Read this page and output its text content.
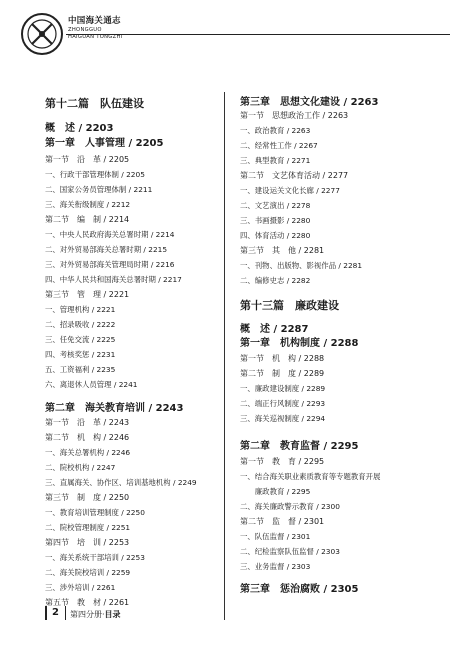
中国海关通志
ZHONGGUO
HAIGUAN TONGZHI
第十二篇　队伍建设
概　述 / 2203
第一章　人事管理 / 2205
第一节　沿　革 / 2205
一、行政干部管理体制 / 2205
二、国家公务员管理体制 / 2211
三、海关衔级制度 / 2212
第二节　编　制 / 2214
一、中央人民政府海关总署时期 / 2214
二、对外贸易部海关总署时期 / 2215
三、对外贸易部海关管理局时期 / 2216
四、中华人民共和国海关总署时期 / 2217
第三节　管　理 / 2221
一、管理机构 / 2221
二、招录吸收 / 2222
三、任免交流 / 2225
四、考核奖惩 / 2231
五、工资福利 / 2235
六、离退休人员管理 / 2241
第二章　海关教育培训 / 2243
第一节　沿　革 / 2243
第二节　机　构 / 2246
一、海关总署机构 / 2246
二、院校机构 / 2247
三、直属海关、协作区、培训基地机构 / 2249
第三节　制　度 / 2250
一、教育培训管理制度 / 2250
二、院校管理制度 / 2251
第四节　培　训 / 2253
一、海关系统干部培训 / 2253
二、海关院校培训 / 2259
三、涉外培训 / 2261
第五节　教　材 / 2261
第三章　思想文化建设 / 2263
第一节　思想政治工作 / 2263
一、政治教育 / 2263
二、经常性工作 / 2267
三、典型教育 / 2271
第二节　文艺体育活动 / 2277
一、建设运关文化长廊 / 2277
二、文艺演出 / 2278
三、书画摄影 / 2280
四、体育活动 / 2280
第三节　其　他 / 2281
一、刊物、出版物、影视作品 / 2281
二、编修史志 / 2282
第十三篇　廉政建设
概　述 / 2287
第一章　机构制度 / 2288
第一节　机　构 / 2288
第二节　制　度 / 2289
一、廉政建设制度 / 2289
二、端正行风制度 / 2293
三、海关巡视制度 / 2294
第二章　教育监督 / 2295
第一节　教　育 / 2295
一、结合海关职业素质教育等专题教育开展
　　廉政教育 / 2295
二、海关廉政警示教育 / 2300
第二节　监　督 / 2301
一、队伍监督 / 2301
二、纪检监察队伍监督 / 2303
三、业务监督 / 2303
第三章　惩治腐败 / 2305
2 第四分册·目录
